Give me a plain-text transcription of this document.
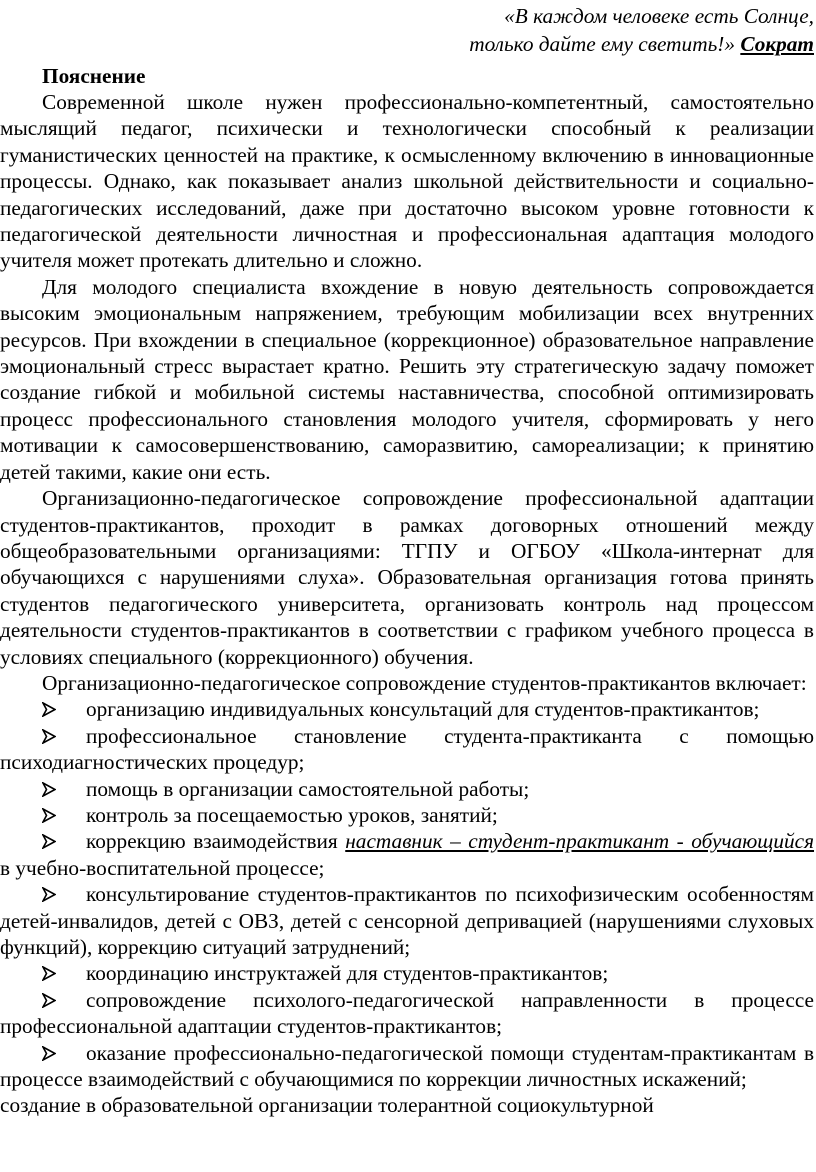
«В каждом человеке есть Солнце,
только дайте ему светить!» Сократ
Пояснение

Современной школе нужен профессионально-компетентный, самостоятельно мыслящий педагог, психически и технологически способный к реализации гуманистических ценностей на практике, к осмысленному включению в инновационные процессы. Однако, как показывает анализ школьной действительности и социально-педагогических исследований, даже при достаточно высоком уровне готовности к педагогической деятельности личностная и профессиональная адаптация молодого учителя может протекать длительно и сложно.

Для молодого специалиста вхождение в новую деятельность сопровождается высоким эмоциональным напряжением, требующим мобилизации всех внутренних ресурсов. При вхождении в специальное (коррекционное) образовательное направление эмоциональный стресс вырастает кратно. Решить эту стратегическую задачу поможет создание гибкой и мобильной системы наставничества, способной оптимизировать процесс профессионального становления молодого учителя, сформировать у него мотивации к самосовершенствованию, саморазвитию, самореализации; к принятию детей такими, какие они есть.

Организационно-педагогическое сопровождение профессиональной адаптации студентов-практикантов, проходит в рамках договорных отношений между общеобразовательными организациями: ТГПУ и ОГБОУ «Школа-интернат для обучающихся с нарушениями слуха». Образовательная организация готова принять студентов педагогического университета, организовать контроль над процессом деятельности студентов-практикантов в соответствии с графиком учебного процесса в условиях специального (коррекционного) обучения.

Организационно-педагогическое сопровождение студентов-практикантов включает:

организацию индивидуальных консультаций для студентов-практикантов;

профессиональное становление студента-практиканта с помощью психодиагностических процедур;

помощь в организации самостоятельной работы;

контроль за посещаемостью уроков, занятий;

коррекцию взаимодействия наставник – студент-практикант - обучающийся в учебно-воспитательной процессе;

консультирование студентов-практикантов по психофизическим особенностям детей-инвалидов, детей с ОВЗ, детей с сенсорной депривацией (нарушениями слуховых функций), коррекцию ситуаций затруднений;

координацию инструктажей для студентов-практикантов;

сопровождение психолого-педагогической направленности в процессе профессиональной адаптации студентов-практикантов;

оказание профессионально-педагогической помощи студентам-практикантам в процессе взаимодействий с обучающимися по коррекции личностных искажений;

создание в образовательной организации толерантной социокультурной
